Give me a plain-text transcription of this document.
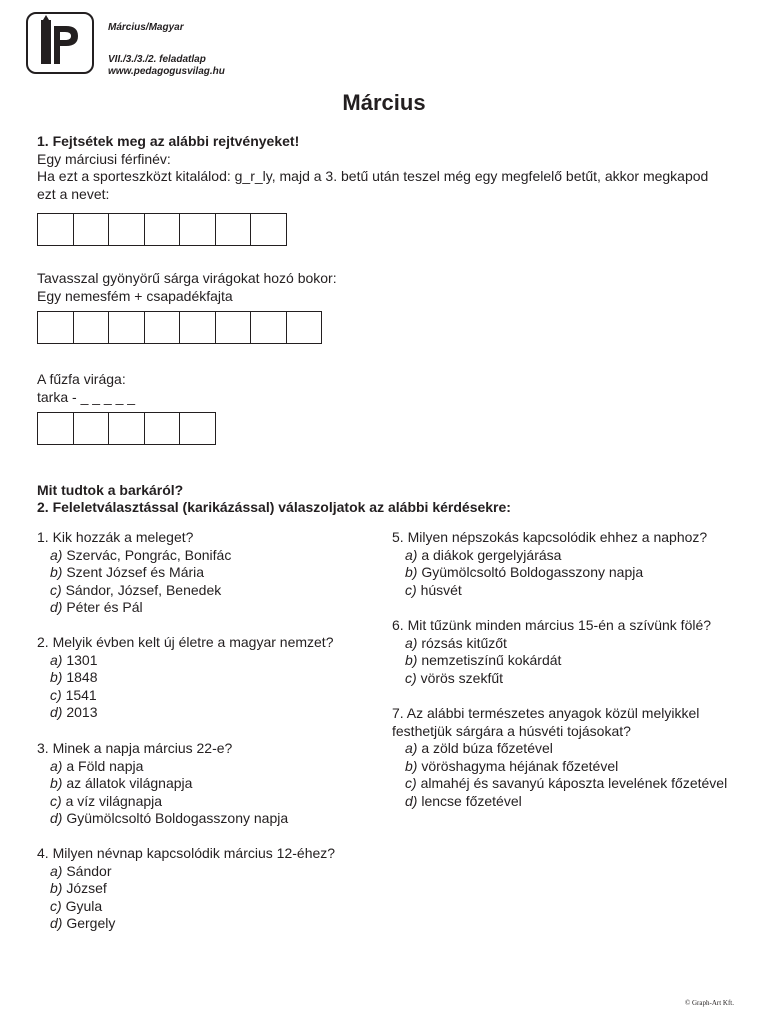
Március/Magyar
VII./3./3./2. feladatlap
www.pedagogusvilag.hu
Március
1. Fejtsétek meg az alábbi rejtvényeket!
Egy márciusi férfinév:
Ha ezt a sporteszközt kitalálod: g_r_ly, majd a 3. betű után teszel még egy megfelelő betűt, akkor megkapod
ezt a nevet:
Tavasszal gyönyörű sárga virágokat hozó bokor:
Egy nemesfém + csapadékfajta
A fűzfa virága:
tarka - _ _ _ _ _
Mit tudtok a barkáról?
2. Feleletválasztással (karikázással) válaszoljatok az alábbi kérdésekre:
1. Kik hozzák a meleget?
a) Szervác, Pongrác, Bonifác
b) Szent József és Mária
c) Sándor, József, Benedek
d) Péter és Pál
2. Melyik évben kelt új életre a magyar nemzet?
a) 1301
b) 1848
c) 1541
d) 2013
3. Minek a napja március 22-e?
a) a Föld napja
b) az állatok világnapja
c) a víz világnapja
d) Gyümölcsoltó Boldogasszony napja
4. Milyen névnap kapcsolódik március 12-éhez?
a) Sándor
b) József
c) Gyula
d) Gergely
5. Milyen népszokás kapcsolódik ehhez a naphoz?
a) a diákok gergelyjárása
b) Gyümölcsoltó Boldogasszony napja
c) húsvét
6. Mit tűzünk minden március 15-én a szívünk fölé?
a) rózsás kitűzőt
b) nemzetiszínű kokárdát
c) vörös szekfűt
7. Az alábbi természetes anyagok közül melyikkel
festhetjük sárgára a húsvéti tojásokat?
a) a zöld búza főzetével
b) vöröshagyma héjának főzetével
c) almahéj és savanyú káposzta levelének főzetével
d) lencse főzetével
© Graph-Art Kft.
